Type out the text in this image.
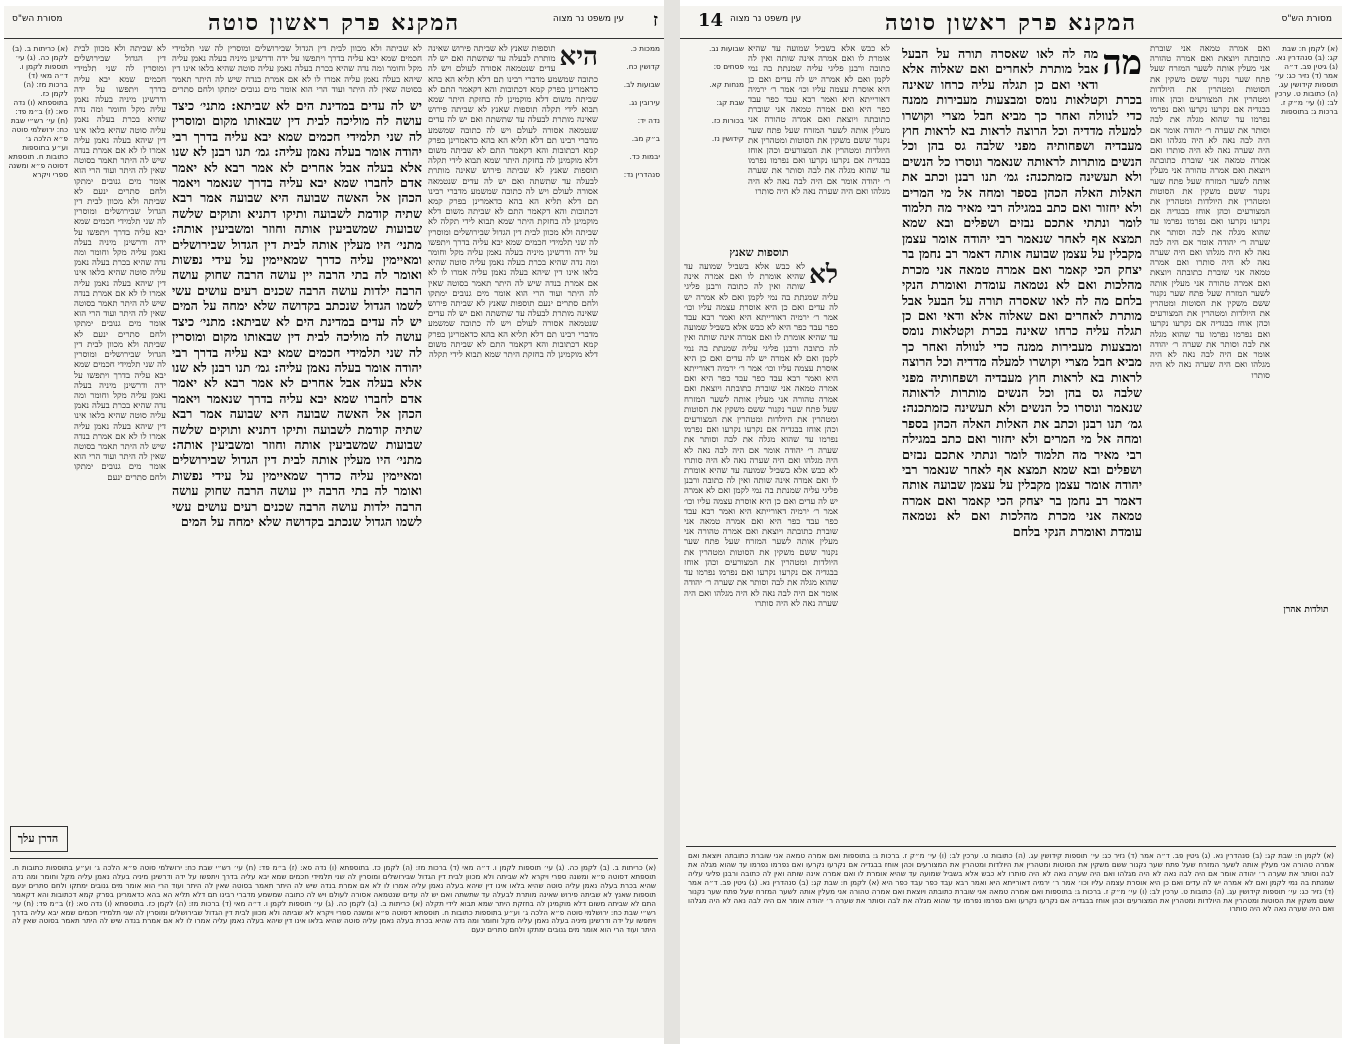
ז
המקנא פרק ראשון סוטה
מסורת הש"ס	עין משפט נר מצוה
ממכות כ.

קדושין כח.

שבועות לב.

עירובין נג.

נדה יד:

ב״ק מב.

יבמות כד.

סנהדרין נד:
היא
תוספות שאנץ לא שביתה פירוש שאינה מותרת לבעלה עד שתשתה ואם יש לה עדים שנטמאה אסורה לעולם ויש לה כתובה שמשמע מדברי רבינו תם דלא תליא הא בהא כדאמרינן בפרק קמא דכתובות והא דקאמר התם לא שביתה משום דלא מוקמינן לה בחזקת היתר שמא תבוא לידי תקלה תוספות שאנץ לא שביתה פירוש שאינה מותרת לבעלה עד שתשתה ואם יש לה עדים שנטמאה אסורה לעולם ויש לה כתובה שמשמע מדברי רבינו תם דלא תליא הא בהא כדאמרינן בפרק קמא דכתובות והא דקאמר התם לא שביתה משום דלא מוקמינן לה בחזקת היתר שמא תבוא לידי תקלה תוספות שאנץ לא שביתה פירוש שאינה מותרת לבעלה עד שתשתה ואם יש לה עדים שנטמאה אסורה לעולם ויש לה כתובה שמשמע מדברי רבינו תם דלא תליא הא בהא כדאמרינן בפרק קמא דכתובות והא דקאמר התם לא שביתה משום דלא מוקמינן לה בחזקת היתר שמא תבוא לידי תקלה לא שביתה ולא מכוון לבית דין הגדול שבירושלים ומוסרין לה שני תלמידי חכמים שמא יבא עליה בדרך ויתפשו על ידה ודרשינן מיניה בעלה נאמן עליה מקל וחומר ומה נדה שהיא בכרת בעלה נאמן עליה סוטה שהיא בלאו אינו דין שיהא בעלה נאמן עליה אמרו לו לא אם אמרת בנדה שיש לה היתר תאמר בסוטה שאין לה היתר ועוד הרי הוא אומר מים גנובים ימתקו ולחם סתרים ינעם תוספות שאנץ לא שביתה פירוש שאינה מותרת לבעלה עד שתשתה ואם יש לה עדים שנטמאה אסורה לעולם ויש לה כתובה שמשמע מדברי רבינו תם דלא תליא הא בהא כדאמרינן בפרק קמא דכתובות והא דקאמר התם לא שביתה משום דלא מוקמינן לה בחזקת היתר שמא תבוא לידי תקלה
יש לה עדים במדינת הים לא שביתא: מתני׳ כיצד עושה לה מוליכה לבית דין שבאותו מקום ומוסרין לה שני תלמידי חכמים שמא יבא עליה בדרך רבי יהודה אומר בעלה נאמן עליה: גמ׳ תנו רבנן לא שנו אלא בעלה אבל אחרים לא אמר רבא לא יאמר אדם לחברו שמא יבא עליה בדרך שנאמר ויאמר הכהן אל האשה שבועה היא שבועה אמר רבא שתיה קודמת לשבועה ותיקו דתניא ותוקים שלשה שבועות שמשביעין אותה וחוזר ומשביעין אותה: מתני׳ היו מעלין אותה לבית דין הגדול שבירושלים ומאיימין עליה כדרך שמאיימין על עידי נפשות ואומר לה בתי הרבה יין עושה הרבה שחוק עושה הרבה ילדות עושה הרבה שכנים רעים עושים עשי לשמו הגדול שנכתב בקדושה שלא ימחה על המים יש לה עדים במדינת הים לא שביתא: מתני׳ כיצד עושה לה מוליכה לבית דין שבאותו מקום ומוסרין לה שני תלמידי חכמים שמא יבא עליה בדרך רבי יהודה אומר בעלה נאמן עליה: גמ׳ תנו רבנן לא שנו אלא בעלה אבל אחרים לא אמר רבא לא יאמר אדם לחברו שמא יבא עליה בדרך שנאמר ויאמר הכהן אל האשה שבועה היא שבועה אמר רבא שתיה קודמת לשבועה ותיקו דתניא ותוקים שלשה שבועות שמשביעין אותה וחוזר ומשביעין אותה: מתני׳ היו מעלין אותה לבית דין הגדול שבירושלים ומאיימין עליה כדרך שמאיימין על עידי נפשות ואומר לה בתי הרבה יין עושה הרבה שחוק עושה הרבה ילדות עושה הרבה שכנים רעים עושים עשי לשמו הגדול שנכתב בקדושה שלא ימחה על המים
לא שביתה ולא מכוון לבית דין הגדול שבירושלים ומוסרין לה שני תלמידי חכמים שמא יבא עליה בדרך ויתפשו על ידה ודרשינן מיניה בעלה נאמן עליה מקל וחומר ומה נדה שהיא בכרת בעלה נאמן עליה סוטה שהיא בלאו אינו דין שיהא בעלה נאמן עליה אמרו לו לא אם אמרת בנדה שיש לה היתר תאמר בסוטה שאין לה היתר ועוד הרי הוא אומר מים גנובים ימתקו ולחם סתרים
לא שביתה ולא מכוון לבית דין הגדול שבירושלים ומוסרין לה שני תלמידי חכמים שמא יבא עליה בדרך ויתפשו על ידה ודרשינן מיניה בעלה נאמן עליה מקל וחומר ומה נדה שהיא בכרת בעלה נאמן עליה סוטה שהיא בלאו אינו דין שיהא בעלה נאמן עליה אמרו לו לא אם אמרת בנדה שיש לה היתר תאמר בסוטה שאין לה היתר ועוד הרי הוא אומר מים גנובים ימתקו ולחם סתרים ינעם לא שביתה ולא מכוון לבית דין הגדול שבירושלים ומוסרין לה שני תלמידי חכמים שמא יבא עליה בדרך ויתפשו על ידה ודרשינן מיניה בעלה נאמן עליה מקל וחומר ומה נדה שהיא בכרת בעלה נאמן עליה סוטה שהיא בלאו אינו דין שיהא בעלה נאמן עליה אמרו לו לא אם אמרת בנדה שיש לה היתר תאמר בסוטה שאין לה היתר ועוד הרי הוא אומר מים גנובים ימתקו ולחם סתרים ינעם לא שביתה ולא מכוון לבית דין הגדול שבירושלים ומוסרין לה שני תלמידי חכמים שמא יבא עליה בדרך ויתפשו על ידה ודרשינן מיניה בעלה נאמן עליה מקל וחומר ומה נדה שהיא בכרת בעלה נאמן עליה סוטה שהיא בלאו אינו דין שיהא בעלה נאמן עליה אמרו לו לא אם אמרת בנדה שיש לה היתר תאמר בסוטה שאין לה היתר ועוד הרי הוא אומר מים גנובים ימתקו ולחם סתרים ינעם
(א) כריתות ב. (ב) לקמן כה. (ג) עי׳ תוספות לקמן ו. ד״ה מאי (ד) ברכות מז: (ה) לקמן כז. בתוספתא (ו) נדה סא: (ז) ב״מ פד: (ח) עי׳ רש״י שבת כח: ירושלמי סוטה פ״א הלכה ג׳ וע״ע בתוספות כתובות ח. תוספתא דסוטה פ״א ומשנה ספרי ויקרא
הדרן עלך
(א) כריתות ב. (ב) לקמן כה. (ג) עי׳ תוספות לקמן ו. ד״ה מאי (ד) ברכות מז: (ה) לקמן כז. בתוספתא (ו) נדה סא: (ז) ב״מ פד: (ח) עי׳ רש״י שבת כח: ירושלמי סוטה פ״א הלכה ג׳ וע״ע בתוספות כתובות ח. תוספתא דסוטה פ״א ומשנה ספרי ויקרא לא שביתה ולא מכוון לבית דין הגדול שבירושלים ומוסרין לה שני תלמידי חכמים שמא יבא עליה בדרך ויתפשו על ידה ודרשינן מיניה בעלה נאמן עליה מקל וחומר ומה נדה שהיא בכרת בעלה נאמן עליה סוטה שהיא בלאו אינו דין שיהא בעלה נאמן עליה אמרו לו לא אם אמרת בנדה שיש לה היתר תאמר בסוטה שאין לה היתר ועוד הרי הוא אומר מים גנובים ימתקו ולחם סתרים ינעם תוספות שאנץ לא שביתה פירוש שאינה מותרת לבעלה עד שתשתה ואם יש לה עדים שנטמאה אסורה לעולם ויש לה כתובה שמשמע מדברי רבינו תם דלא תליא הא בהא כדאמרינן בפרק קמא דכתובות והא דקאמר התם לא שביתה משום דלא מוקמינן לה בחזקת היתר שמא תבוא לידי תקלה (א) כריתות ב. (ב) לקמן כה. (ג) עי׳ תוספות לקמן ו. ד״ה מאי (ד) ברכות מז: (ה) לקמן כז. בתוספתא (ו) נדה סא: (ז) ב״מ פד: (ח) עי׳ רש״י שבת כח: ירושלמי סוטה פ״א הלכה ג׳ וע״ע בתוספות כתובות ח. תוספתא דסוטה פ״א ומשנה ספרי ויקרא לא שביתה ולא מכוון לבית דין הגדול שבירושלים ומוסרין לה שני תלמידי חכמים שמא יבא עליה בדרך ויתפשו על ידה ודרשינן מיניה בעלה נאמן עליה מקל וחומר ומה נדה שהיא בכרת בעלה נאמן עליה סוטה שהיא בלאו אינו דין שיהא בעלה נאמן עליה אמרו לו לא אם אמרת בנדה שיש לה היתר תאמר בסוטה שאין לה היתר ועוד הרי הוא אומר מים גנובים ימתקו ולחם סתרים ינעם
14	המקנא פרק ראשון סוטה	מסורת הש"ס
עין משפט נר מצוה
שבועות נב.

פסחים ס:

מנחות קא.

שבת קג:

בכורות כז.

קידושין נז.
תוספות שאנץ
לא
לא כבש אלא בשביל שמועה עד שהיא אומרת לו ואם אמרה אינה שותה ואין לה כתובה ורבנן פליגי עליה שמנתת בה נמי לקמן ואם לא אמרה יש לה עדים ואם כן היא אוסרת עצמה עליו וכו׳ אמר ר׳ ירמיה דאורייתא היא ואמר רבא עבד כפר עבד כפר היא לא כבש אלא בשביל שמועה עד שהיא אומרת לו ואם אמרה אינה שותה ואין לה כתובה ורבנן פליגי עליה שמנתת בה נמי לקמן ואם לא אמרה יש לה עדים ואם כן היא אוסרת עצמה עליו וכו׳ אמר ר׳ ירמיה דאורייתא היא ואמר רבא עבד כפר עבד כפר היא ואם אמרה טמאה אני שוברת כתובתה ויוצאת ואם אמרה טהורה אני מעלין אותה לשער המזרח שעל פתח שער נקנור ששם משקין את הסוטות ומטהרין את היולדות ומטהרין את המצורעים וכהן אוחז בבגדיה אם נקרעו נקרעו ואם נפרמו נפרמו עד שהוא מגלה את לבה וסותר את שערה ר׳ יהודה אומר אם היה לבה נאה לא היה מגלהו ואם היה שערה נאה לא היה סותרו לא כבש אלא בשביל שמועה עד שהיא אומרת לו ואם אמרה אינה שותה ואין לה כתובה ורבנן פליגי עליה שמנתת בה נמי לקמן ואם לא אמרה יש לה עדים ואם כן היא אוסרת עצמה עליו וכו׳ אמר ר׳ ירמיה דאורייתא היא ואמר רבא עבד כפר עבד כפר היא ואם אמרה טמאה אני שוברת כתובתה ויוצאת ואם אמרה טהורה אני מעלין אותה לשער המזרח שעל פתח שער נקנור ששם משקין את הסוטות ומטהרין את היולדות ומטהרין את המצורעים וכהן אוחז בבגדיה אם נקרעו נקרעו ואם נפרמו נפרמו עד שהוא מגלה את לבה וסותר את שערה ר׳ יהודה אומר אם היה לבה נאה לא היה מגלהו ואם היה שערה נאה לא היה סותרו
לא כבש אלא בשביל שמועה עד שהיא אומרת לו ואם אמרה אינה שותה ואין לה כתובה ורבנן פליגי עליה שמנתת בה נמי לקמן ואם לא אמרה יש לה עדים ואם כן היא אוסרת עצמה עליו וכו׳ אמר ר׳ ירמיה דאורייתא היא ואמר רבא עבד כפר עבד כפר היא ואם אמרה טמאה אני שוברת כתובתה ויוצאת ואם אמרה טהורה אני מעלין אותה לשער המזרח שעל פתח שער נקנור ששם משקין את הסוטות ומטהרין את היולדות ומטהרין את המצורעים וכהן אוחז בבגדיה אם נקרעו נקרעו ואם נפרמו נפרמו עד שהוא מגלה את לבה וסותר את שערה ר׳ יהודה אומר אם היה לבה נאה לא היה מגלהו ואם היה שערה נאה לא היה סותרו
מה
מה לה לאו שאסרה תורה על הבעל אבל מותרת לאחרים ואם שאלוה אלא ודאי ואם כן תגלה עליה כרחו שאינה בכרת וקטלאות נומס ומבצעות מעבירות ממנה כדי לנוולה ואחר כך מביא חבל מצרי וקושרו למעלה מדדיה וכל הרוצה לראות בא לראות חוץ מעבדיה ושפחותיה מפני שלבה גס בהן וכל הנשים מותרות לראותה שנאמר ונוסרו כל הנשים ולא תעשינה כזמתכנה: גמ׳ תנו רבנן וכתב את האלות האלה הכהן בספר ומחה אל מי המרים ולא יחזור ואם כתב במגילה רבי מאיר מה תלמוד לומר ונתתי אתכם נבזים ושפלים ובא שמא תמצא אף לאחר שנאמר רבי יהודה אומר עצמן מקבלין על עצמן שבועה אותה דאמר רב נחמן בר יצחק הכי קאמר ואם אמרה טמאה אני מכרת מהלכות ואם לא נטמאה עומדת ואומרת הנקי בלחם מה לה לאו שאסרה תורה על הבעל אבל מותרת לאחרים ואם שאלוה אלא ודאי ואם כן תגלה עליה כרחו שאינה בכרת וקטלאות נומס ומבצעות מעבירות ממנה כדי לנוולה ואחר כך מביא חבל מצרי וקושרו למעלה מדדיה וכל הרוצה לראות בא לראות חוץ מעבדיה ושפחותיה מפני שלבה גס בהן וכל הנשים מותרות לראותה שנאמר ונוסרו כל הנשים ולא תעשינה כזמתכנה: גמ׳ תנו רבנן וכתב את האלות האלה הכהן בספר ומחה אל מי המרים ולא יחזור ואם כתב במגילה רבי מאיר מה תלמוד לומר ונתתי אתכם נבזים ושפלים ובא שמא תמצא אף לאחר שנאמר רבי יהודה אומר עצמן מקבלין על עצמן שבועה אותה דאמר רב נחמן בר יצחק הכי קאמר ואם אמרה טמאה אני מכרת מהלכות ואם לא נטמאה עומדת ואומרת הנקי בלחם
ואם אמרה טמאה אני שוברת כתובתה ויוצאת ואם אמרה טהורה אני מעלין אותה לשער המזרח שעל פתח שער נקנור ששם משקין את הסוטות ומטהרין את היולדות ומטהרין את המצורעים וכהן אוחז בבגדיה אם נקרעו נקרעו ואם נפרמו נפרמו עד שהוא מגלה את לבה וסותר את שערה ר׳ יהודה אומר אם היה לבה נאה לא היה מגלהו ואם היה שערה נאה לא היה סותרו ואם אמרה טמאה אני שוברת כתובתה ויוצאת ואם אמרה טהורה אני מעלין אותה לשער המזרח שעל פתח שער נקנור ששם משקין את הסוטות ומטהרין את היולדות ומטהרין את המצורעים וכהן אוחז בבגדיה אם נקרעו נקרעו ואם נפרמו נפרמו עד שהוא מגלה את לבה וסותר את שערה ר׳ יהודה אומר אם היה לבה נאה לא היה מגלהו ואם היה שערה נאה לא היה סותרו ואם אמרה טמאה אני שוברת כתובתה ויוצאת ואם אמרה טהורה אני מעלין אותה לשער המזרח שעל פתח שער נקנור ששם משקין את הסוטות ומטהרין את היולדות ומטהרין את המצורעים וכהן אוחז בבגדיה אם נקרעו נקרעו ואם נפרמו נפרמו עד שהוא מגלה את לבה וסותר את שערה ר׳ יהודה אומר אם היה לבה נאה לא היה מגלהו ואם היה שערה נאה לא היה סותרו
(א) לקמן ח: שבת קג: (ב) סנהדרין נא. (ג) גיטין פב. ד״ה אמר (ד) נזיר כג: עי׳ תוספות קידושין עג. (ה) כתובות ט. ערכין לב: (ו) עי׳ מ״ק ז. ברכות ג: בתוספות
תולדות אהרן
(א) לקמן ח: שבת קג: (ב) סנהדרין נא. (ג) גיטין פב. ד״ה אמר (ד) נזיר כג: עי׳ תוספות קידושין עג. (ה) כתובות ט. ערכין לב: (ו) עי׳ מ״ק ז. ברכות ג: בתוספות ואם אמרה טמאה אני שוברת כתובתה ויוצאת ואם אמרה טהורה אני מעלין אותה לשער המזרח שעל פתח שער נקנור ששם משקין את הסוטות ומטהרין את היולדות ומטהרין את המצורעים וכהן אוחז בבגדיה אם נקרעו נקרעו ואם נפרמו נפרמו עד שהוא מגלה את לבה וסותר את שערה ר׳ יהודה אומר אם היה לבה נאה לא היה מגלהו ואם היה שערה נאה לא היה סותרו לא כבש אלא בשביל שמועה עד שהיא אומרת לו ואם אמרה אינה שותה ואין לה כתובה ורבנן פליגי עליה שמנתת בה נמי לקמן ואם לא אמרה יש לה עדים ואם כן היא אוסרת עצמה עליו וכו׳ אמר ר׳ ירמיה דאורייתא היא ואמר רבא עבד כפר עבד כפר היא (א) לקמן ח: שבת קג: (ב) סנהדרין נא. (ג) גיטין פב. ד״ה אמר (ד) נזיר כג: עי׳ תוספות קידושין עג. (ה) כתובות ט. ערכין לב: (ו) עי׳ מ״ק ז. ברכות ג: בתוספות ואם אמרה טמאה אני שוברת כתובתה ויוצאת ואם אמרה טהורה אני מעלין אותה לשער המזרח שעל פתח שער נקנור ששם משקין את הסוטות ומטהרין את היולדות ומטהרין את המצורעים וכהן אוחז בבגדיה אם נקרעו נקרעו ואם נפרמו נפרמו עד שהוא מגלה את לבה וסותר את שערה ר׳ יהודה אומר אם היה לבה נאה לא היה מגלהו ואם היה שערה נאה לא היה סותרו
